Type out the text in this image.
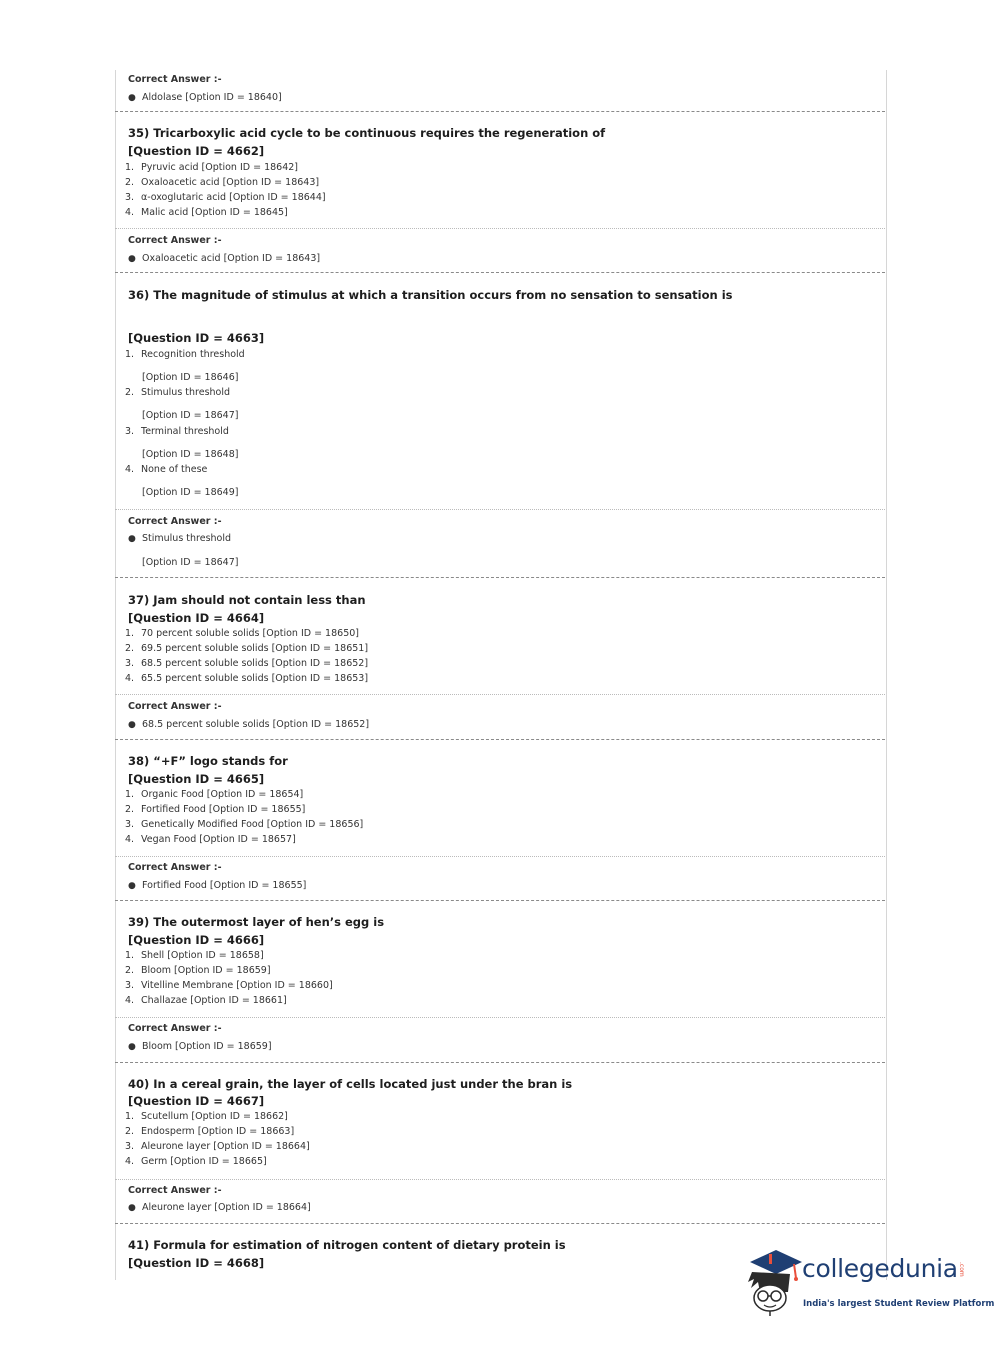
Correct Answer :-
● Aldolase [Option ID = 18640]
35) Tricarboxylic acid cycle to be continuous requires the regeneration of
[Question ID = 4662]
1. Pyruvic acid [Option ID = 18642]
2. Oxaloacetic acid [Option ID = 18643]
3. α-oxoglutaric acid [Option ID = 18644]
4. Malic acid [Option ID = 18645]
Correct Answer :-
● Oxaloacetic acid [Option ID = 18643]
36) The magnitude of stimulus at which a transition occurs from no sensation to sensation is
[Question ID = 4663]
1. Recognition threshold
[Option ID = 18646]
2. Stimulus threshold
[Option ID = 18647]
3. Terminal threshold
[Option ID = 18648]
4. None of these
[Option ID = 18649]
Correct Answer :-
● Stimulus threshold
[Option ID = 18647]
37) Jam should not contain less than
[Question ID = 4664]
1. 70 percent soluble solids [Option ID = 18650]
2. 69.5 percent soluble solids [Option ID = 18651]
3. 68.5 percent soluble solids [Option ID = 18652]
4. 65.5 percent soluble solids [Option ID = 18653]
Correct Answer :-
● 68.5 percent soluble solids [Option ID = 18652]
38) “+F” logo stands for
[Question ID = 4665]
1. Organic Food [Option ID = 18654]
2. Fortified Food [Option ID = 18655]
3. Genetically Modified Food [Option ID = 18656]
4. Vegan Food [Option ID = 18657]
Correct Answer :-
● Fortified Food [Option ID = 18655]
39) The outermost layer of hen’s egg is
[Question ID = 4666]
1. Shell [Option ID = 18658]
2. Bloom [Option ID = 18659]
3. Vitelline Membrane [Option ID = 18660]
4. Challazae [Option ID = 18661]
Correct Answer :-
● Bloom [Option ID = 18659]
40) In a cereal grain, the layer of cells located just under the bran is
[Question ID = 4667]
1. Scutellum [Option ID = 18662]
2. Endosperm [Option ID = 18663]
3. Aleurone layer [Option ID = 18664]
4. Germ [Option ID = 18665]
Correct Answer :-
● Aleurone layer [Option ID = 18664]
41) Formula for estimation of nitrogen content of dietary protein is
[Question ID = 4668]	collegedunia .com
India's largest Student Review Platform
